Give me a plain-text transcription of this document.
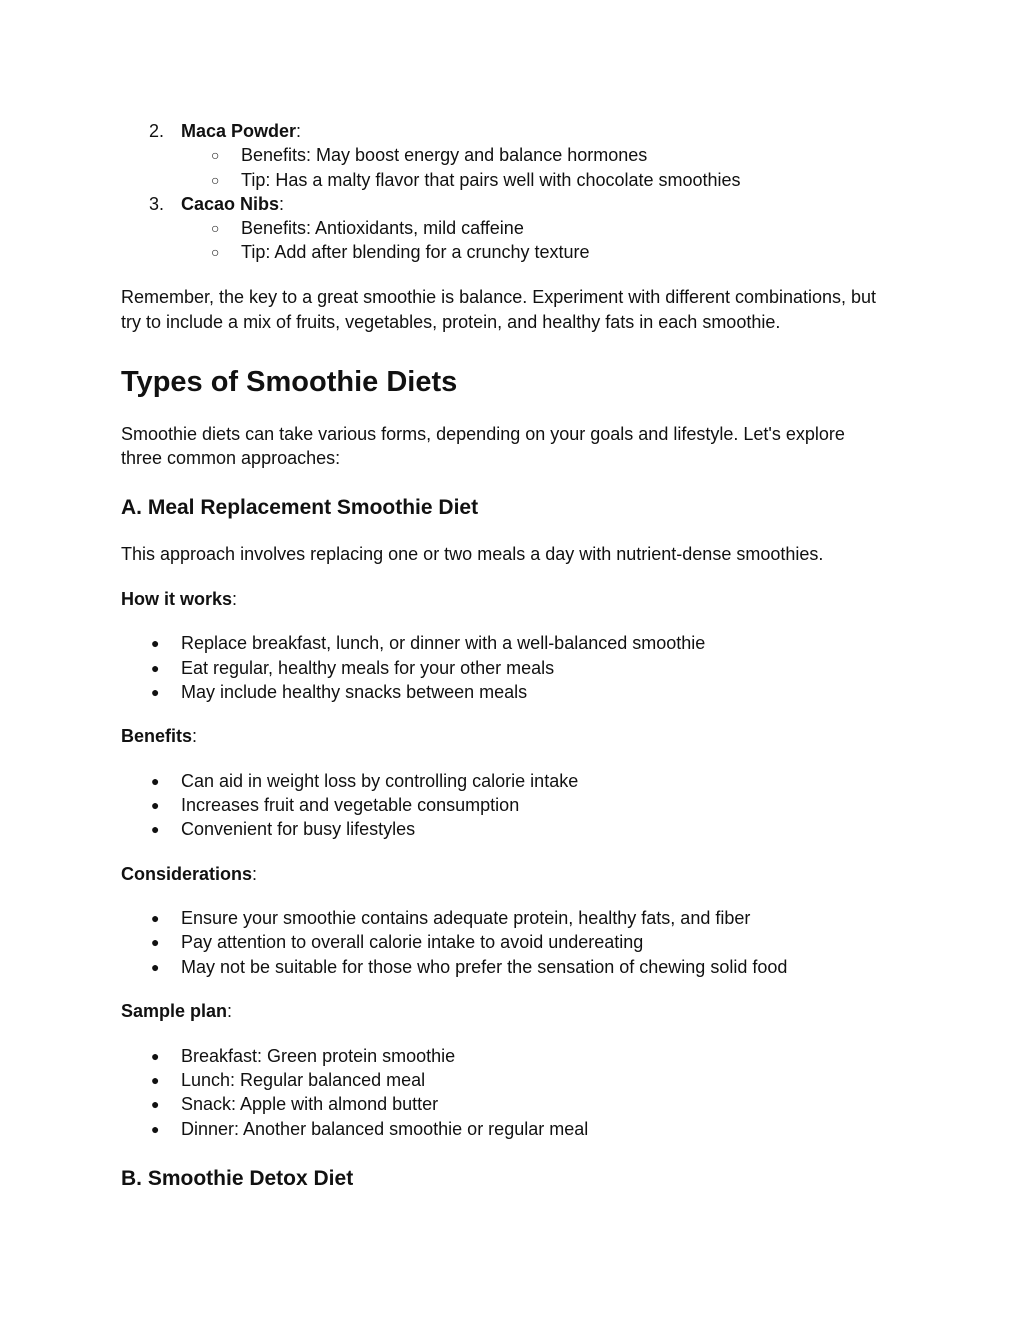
2. Maca Powder:
○	Benefits: May boost energy and balance hormones
○	Tip: Has a malty flavor that pairs well with chocolate smoothies
3. Cacao Nibs:
○	Benefits: Antioxidants, mild caffeine
○	Tip: Add after blending for a crunchy texture

Remember, the key to a great smoothie is balance. Experiment with different combinations, but

try to include a mix of fruits, vegetables, protein, and healthy fats in each smoothie.

Types of Smoothie Diets

Smoothie diets can take various forms, depending on your goals and lifestyle. Let's explore

three common approaches:

A. Meal Replacement Smoothie Diet

This approach involves replacing one or two meals a day with nutrient-dense smoothies.

How it works:

● Replace breakfast, lunch, or dinner with a well-balanced smoothie
● Eat regular, healthy meals for your other meals
● May include healthy snacks between meals

Benefits:

● Can aid in weight loss by controlling calorie intake
● Increases fruit and vegetable consumption
● Convenient for busy lifestyles

Considerations:

● Ensure your smoothie contains adequate protein, healthy fats, and fiber
● Pay attention to overall calorie intake to avoid undereating
● May not be suitable for those who prefer the sensation of chewing solid food

Sample plan:

● Breakfast: Green protein smoothie
● Lunch: Regular balanced meal
● Snack: Apple with almond butter
● Dinner: Another balanced smoothie or regular meal
B. Smoothie Detox Diet
